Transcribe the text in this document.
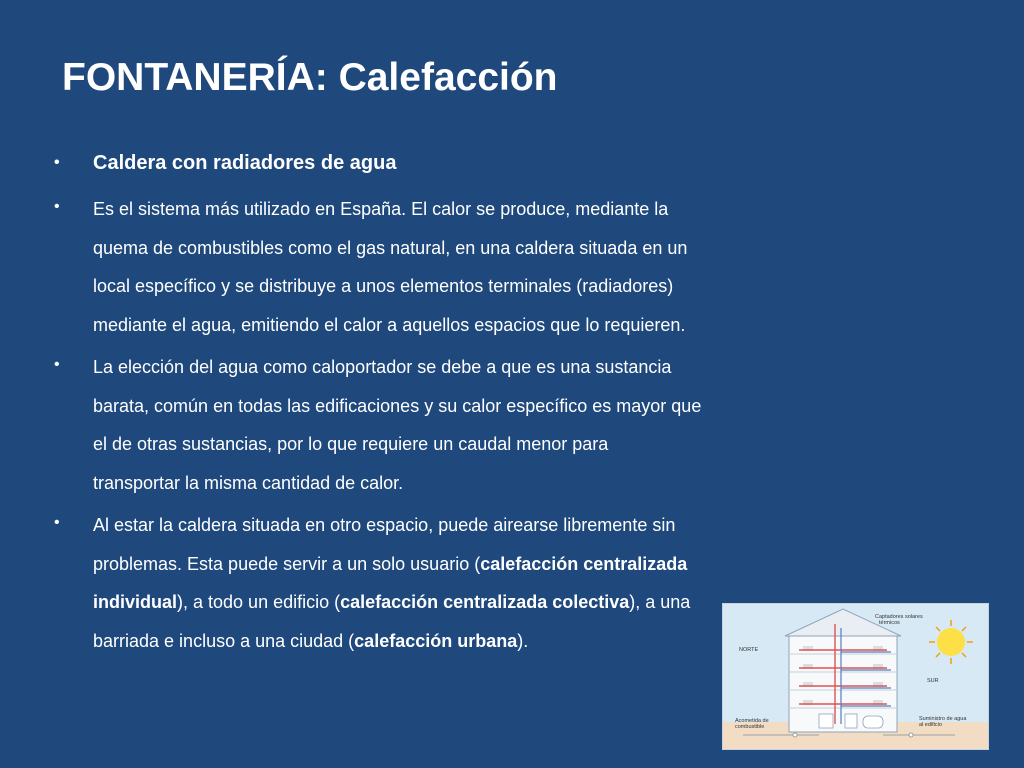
FONTANERÍA: Calefacción
• Caldera con radiadores de agua
• Es el sistema más utilizado en España. El calor se produce, mediante la
quema de combustibles como el gas natural, en una caldera situada en un
local específico y se distribuye a unos elementos terminales (radiadores)
mediante el agua, emitiendo el calor a aquellos espacios que lo requieren.
• La elección del agua como caloportador se debe a que es una sustancia
barata, común en todas las edificaciones y su calor específico es mayor que
el de otras sustancias, por lo que requiere un caudal menor para
transportar la misma cantidad de calor.
• Al estar la caldera situada en otro espacio, puede airearse libremente sin
problemas. Esta puede servir a un solo usuario (calefacción centralizada
individual), a todo un edificio (calefacción centralizada colectiva), a una
barriada e incluso a una ciudad (calefacción urbana).
Captadores solares
térmicos
NORTE
SUR
Acometida de
combustible
Suministro de agua
al edificio
